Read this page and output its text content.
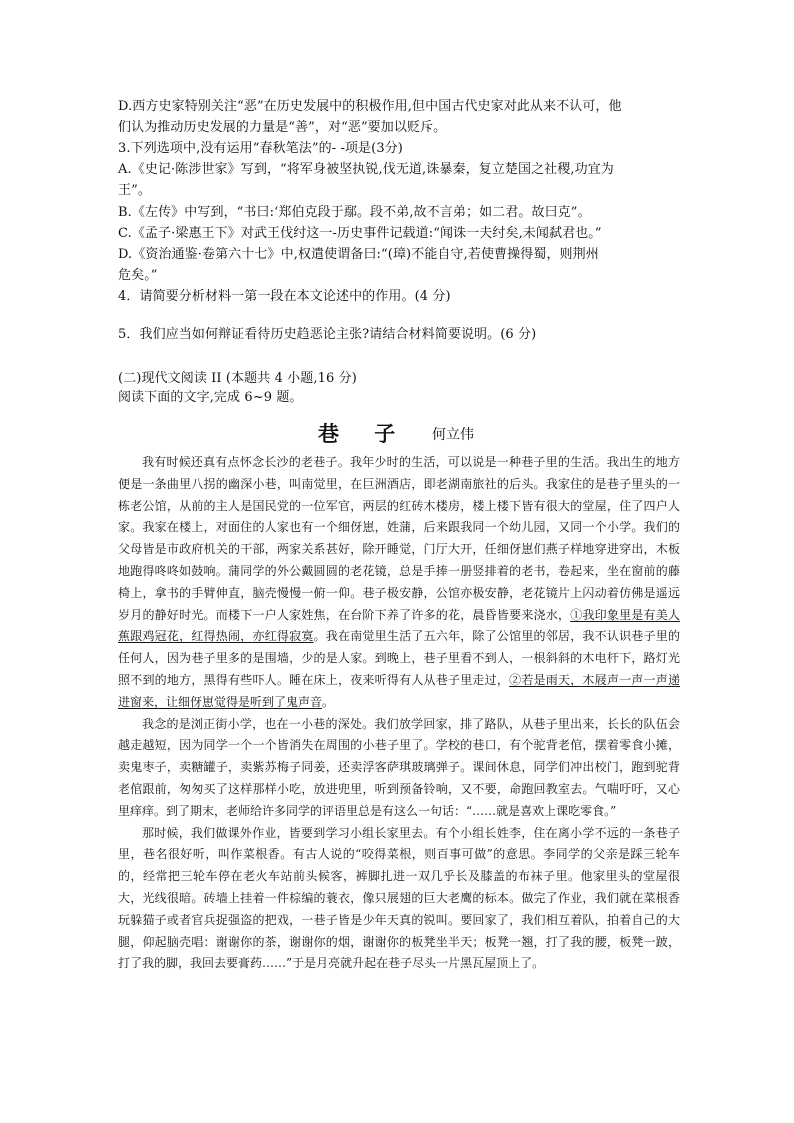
D.西方史家特别关注“恶”在历史发展中的积极作用,但中国古代史家对此从来不认可，他
们认为推动历史发展的力量是“善”，对“恶”要加以贬斥。
3.下列选项中,没有运用“春秋笔法”的- -项是(3分)
A.《史记·陈涉世家》写到，“将军身被坚执锐,伐无道,诛暴秦，复立楚国之社稷,功宜为
王”。
B.《左传》中写到，“书曰:‘郑伯克段于鄢。段不弟,故不言弟；如二君。故曰克”。
C.《孟子·梁惠王下》对武王伐纣这一-历史事件记载道:“闻诛一夫纣矣,未闻弑君也。”
D.《资治通鉴·卷第六十七》中,权遣使谓备曰:“(璋)不能自守,若使曹操得蜀，则荆州
危矣。”
4．请简要分析材料一第一段在本文论述中的作用。(4 分)
5．我们应当如何辩证看待历史趋恶论主张?请结合材料简要说明。(6 分)
(二)现代文阅读 II (本题共 4 小题,16 分)
阅读下面的文字,完成 6~9 题。
巷 子 何立伟

我有时候还真有点怀念长沙的老巷子。我年少时的生活，可以说是一种巷子里的生活。我出生的地方便是一条曲里八拐的幽深小巷，叫南觉里，在巨洲酒店，即老湖南旅社的后头。我家住的是巷子里头的一栋老公馆，从前的主人是国民党的一位军官，两层的红砖木楼房，楼上楼下皆有很大的堂屋，住了四户人家。我家在楼上，对面住的人家也有一个细伢崽，姓蒲，后来跟我同一个幼儿园，又同一个小学。我们的父母皆是市政府机关的干部，两家关系甚好，除开睡觉，门厅大开，任细伢崽们燕子样地穿进穿出，木板地跑得咚咚如鼓响。蒲同学的外公戴圆圆的老花镜，总是手捧一册竖排着的老书，卷起来，坐在窗前的藤椅上，拿书的手臂伸直，脑壳慢慢一俯一仰。巷子极安静，公馆亦极安静，老花镜片上闪动着仿佛是遥远岁月的静好时光。而楼下一户人家姓焦，在台阶下养了许多的花，晨昏皆要来浇水，①我印象里是有美人蕉跟鸡冠花，红得热闹，亦红得寂寞。我在南觉里生活了五六年，除了公馆里的邻居，我不认识巷子里的任何人，因为巷子里多的是围墙，少的是人家。到晚上，巷子里看不到人，一根斜斜的木电杆下，路灯光照不到的地方，黑得有些吓人。睡在床上，夜来听得有人从巷子里走过，②若是雨天，木屐声一声一声递进窗来，让细伢崽觉得是听到了鬼声音。

我念的是浏正街小学，也在一小巷的深处。我们放学回家，排了路队，从巷子里出来，长长的队伍会越走越短，因为同学一个一个皆消失在周围的小巷子里了。学校的巷口，有个驼背老倌，摆着零食小摊，卖鬼枣子，卖糖罐子，卖紫苏梅子同姜，还卖浮客萨琪玻璃弹子。课间休息，同学们冲出校门，跑到驼背老倌跟前，匆匆买了这样那样小吃，放进兜里，听到预备铃响，又不要，命跑回教室去。气喘吁吁，又心里痒痒。到了期末，老师给许多同学的评语里总是有这么一句话：“……就是喜欢上课吃零食。”

那时候，我们做课外作业，皆要到学习小组长家里去。有个小组长姓李，住在离小学不远的一条巷子里，巷名很好听，叫作菜根香。有古人说的“咬得菜根，则百事可做”的意思。李同学的父亲是踩三轮车的，经常把三轮车停在老火车站前头候客，裤脚扎进一双几乎长及膝盖的布袜子里。他家里头的堂屋很大，光线很暗。砖墙上挂着一件棕编的蓑衣，像只展翅的巨大老鹰的标本。做完了作业，我们就在菜根香玩躲猫子或者官兵捉强盗的把戏，一巷子皆是少年天真的锐叫。要回家了，我们相互着队，拍着自己的大腿，仰起脑壳唱：谢谢你的茶，谢谢你的烟，谢谢你的板凳坐半天；板凳一翘，打了我的腰，板凳一跛，打了我的脚，我回去要膏药……”于是月亮就升起在巷子尽头一片黑瓦屋顶上了。
